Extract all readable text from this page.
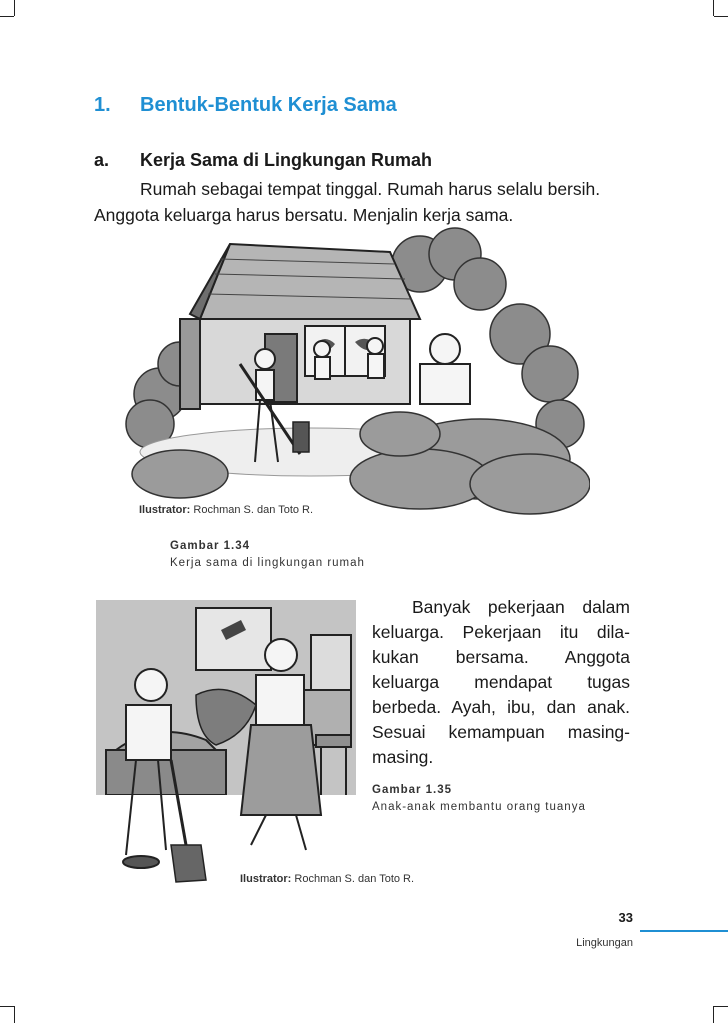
1. Bentuk-Bentuk Kerja Sama
a. Kerja Sama di Lingkungan Rumah
Rumah sebagai tempat tinggal. Rumah harus selalu bersih.
Anggota keluarga harus bersatu. Menjalin kerja sama.
Ilustrator: Rochman S. dan Toto R.
Gambar 1.34
Kerja sama di lingkungan rumah
Banyak pekerjaan dalam keluarga. Pekerjaan itu dila-kukan bersama. Anggota keluarga mendapat tugas berbeda. Ayah, ibu, dan anak. Sesuai kemampuan masing-masing.
Gambar 1.35
Anak-anak membantu orang tuanya
Ilustrator: Rochman S. dan Toto R.
33
Lingkungan
